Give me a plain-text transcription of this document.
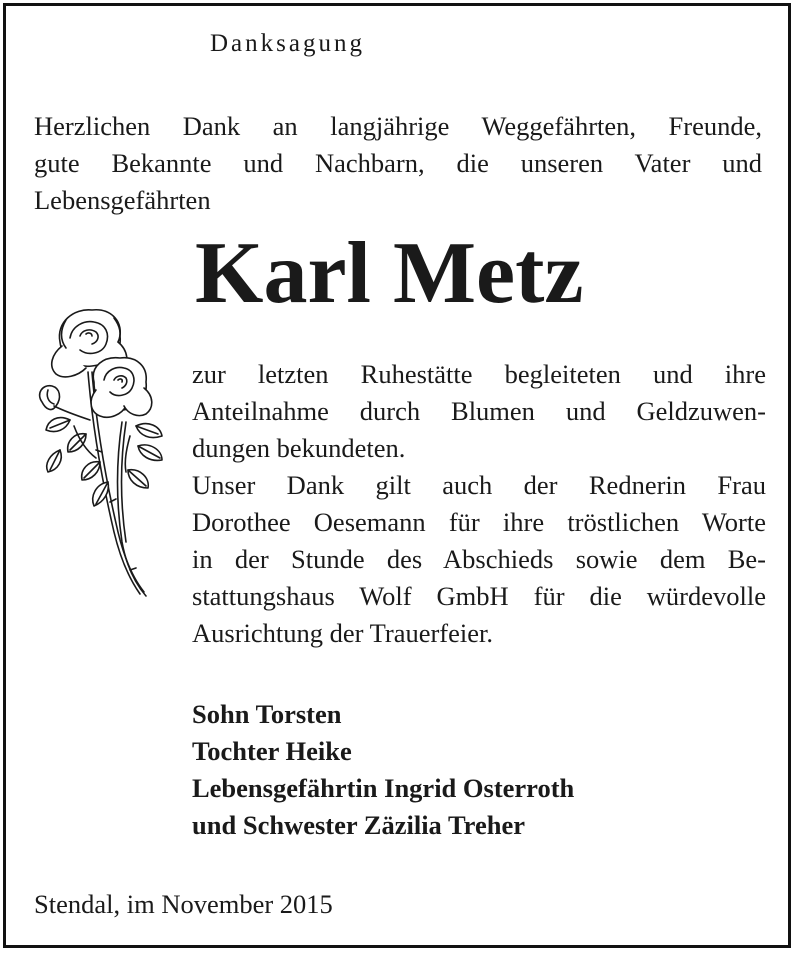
Danksagung

Herzlichen Dank an langjährige Weggefährten, Freunde,
gute Bekannte und Nachbarn, die unseren Vater und
Lebensgefährten

Karl Metz

zur letzten Ruhestätte begleiteten und ihre
Anteilnahme durch Blumen und Geldzuwen-
dungen bekundeten.
Unser Dank gilt auch der Rednerin Frau
Dorothee Oesemann für ihre tröstlichen Worte
in der Stunde des Abschieds sowie dem Be-
stattungshaus Wolf GmbH für die würdevolle
Ausrichtung der Trauerfeier.

Sohn Torsten
Tochter Heike
Lebensgefährtin Ingrid Osterroth
und Schwester Zäzilia Treher

Stendal, im November 2015
